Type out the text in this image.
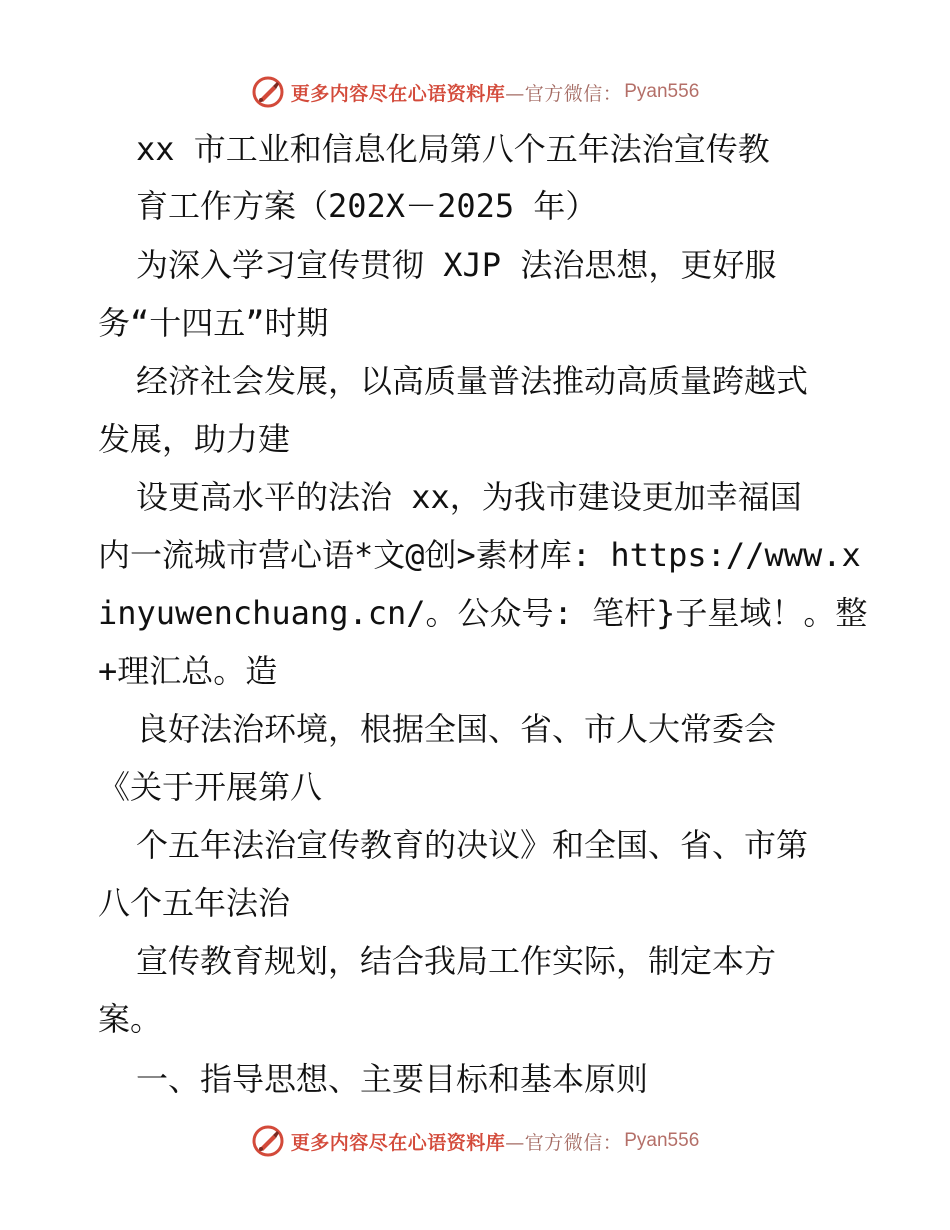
更多内容尽在心语资料库 —官方微信： Pyan556
xx 市工业和信息化局第八个五年法治宣传教
育工作方案（202X－2025 年）
为深入学习宣传贯彻 XJP 法治思想，更好服
务“十四五”时期
经济社会发展，以高质量普法推动高质量跨越式
发展，助力建
设更高水平的法治 xx，为我市建设更加幸福国
内一流城市营心语*文@创>素材库: https://www.x
inyuwenchuang.cn/。公众号: 笔杆}子星域！。整
+理汇总。造
良好法治环境，根据全国、省、市人大常委会
《关于开展第八
个五年法治宣传教育的决议》和全国、省、市第
八个五年法治
宣传教育规划，结合我局工作实际，制定本方
案。
一、指导思想、主要目标和基本原则
更多内容尽在心语资料库 —官方微信： Pyan556
